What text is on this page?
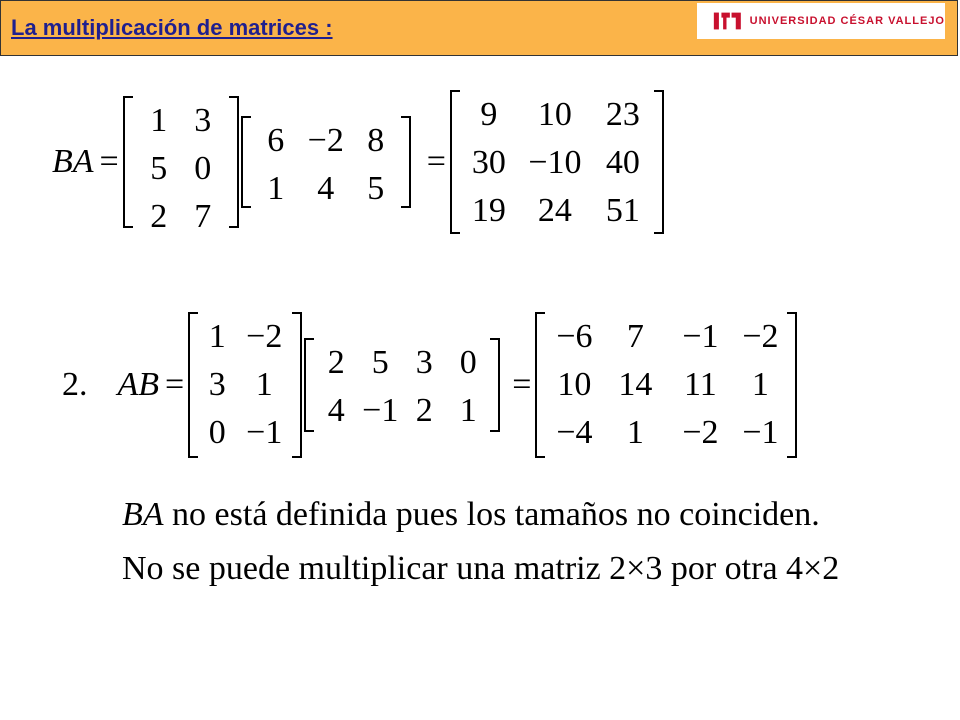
La multiplicación de matrices :	UNIVERSIDAD CÉSAR VALLEJO
BA =
1 3
5 0
2 7
6 −2 8
1 4 5
=
9	10	23
30 −10 40
19 24	51
2. AB =
1 −2
3 1
0 −1
2 5 3 0
4 −1 2 1
=
−6	7	−1 −2
10 14 11	1
−4	1	−2 −1
BA no está definida pues los tamaños no coinciden.
No se puede multiplicar una matriz 2×3 por otra 4×2
